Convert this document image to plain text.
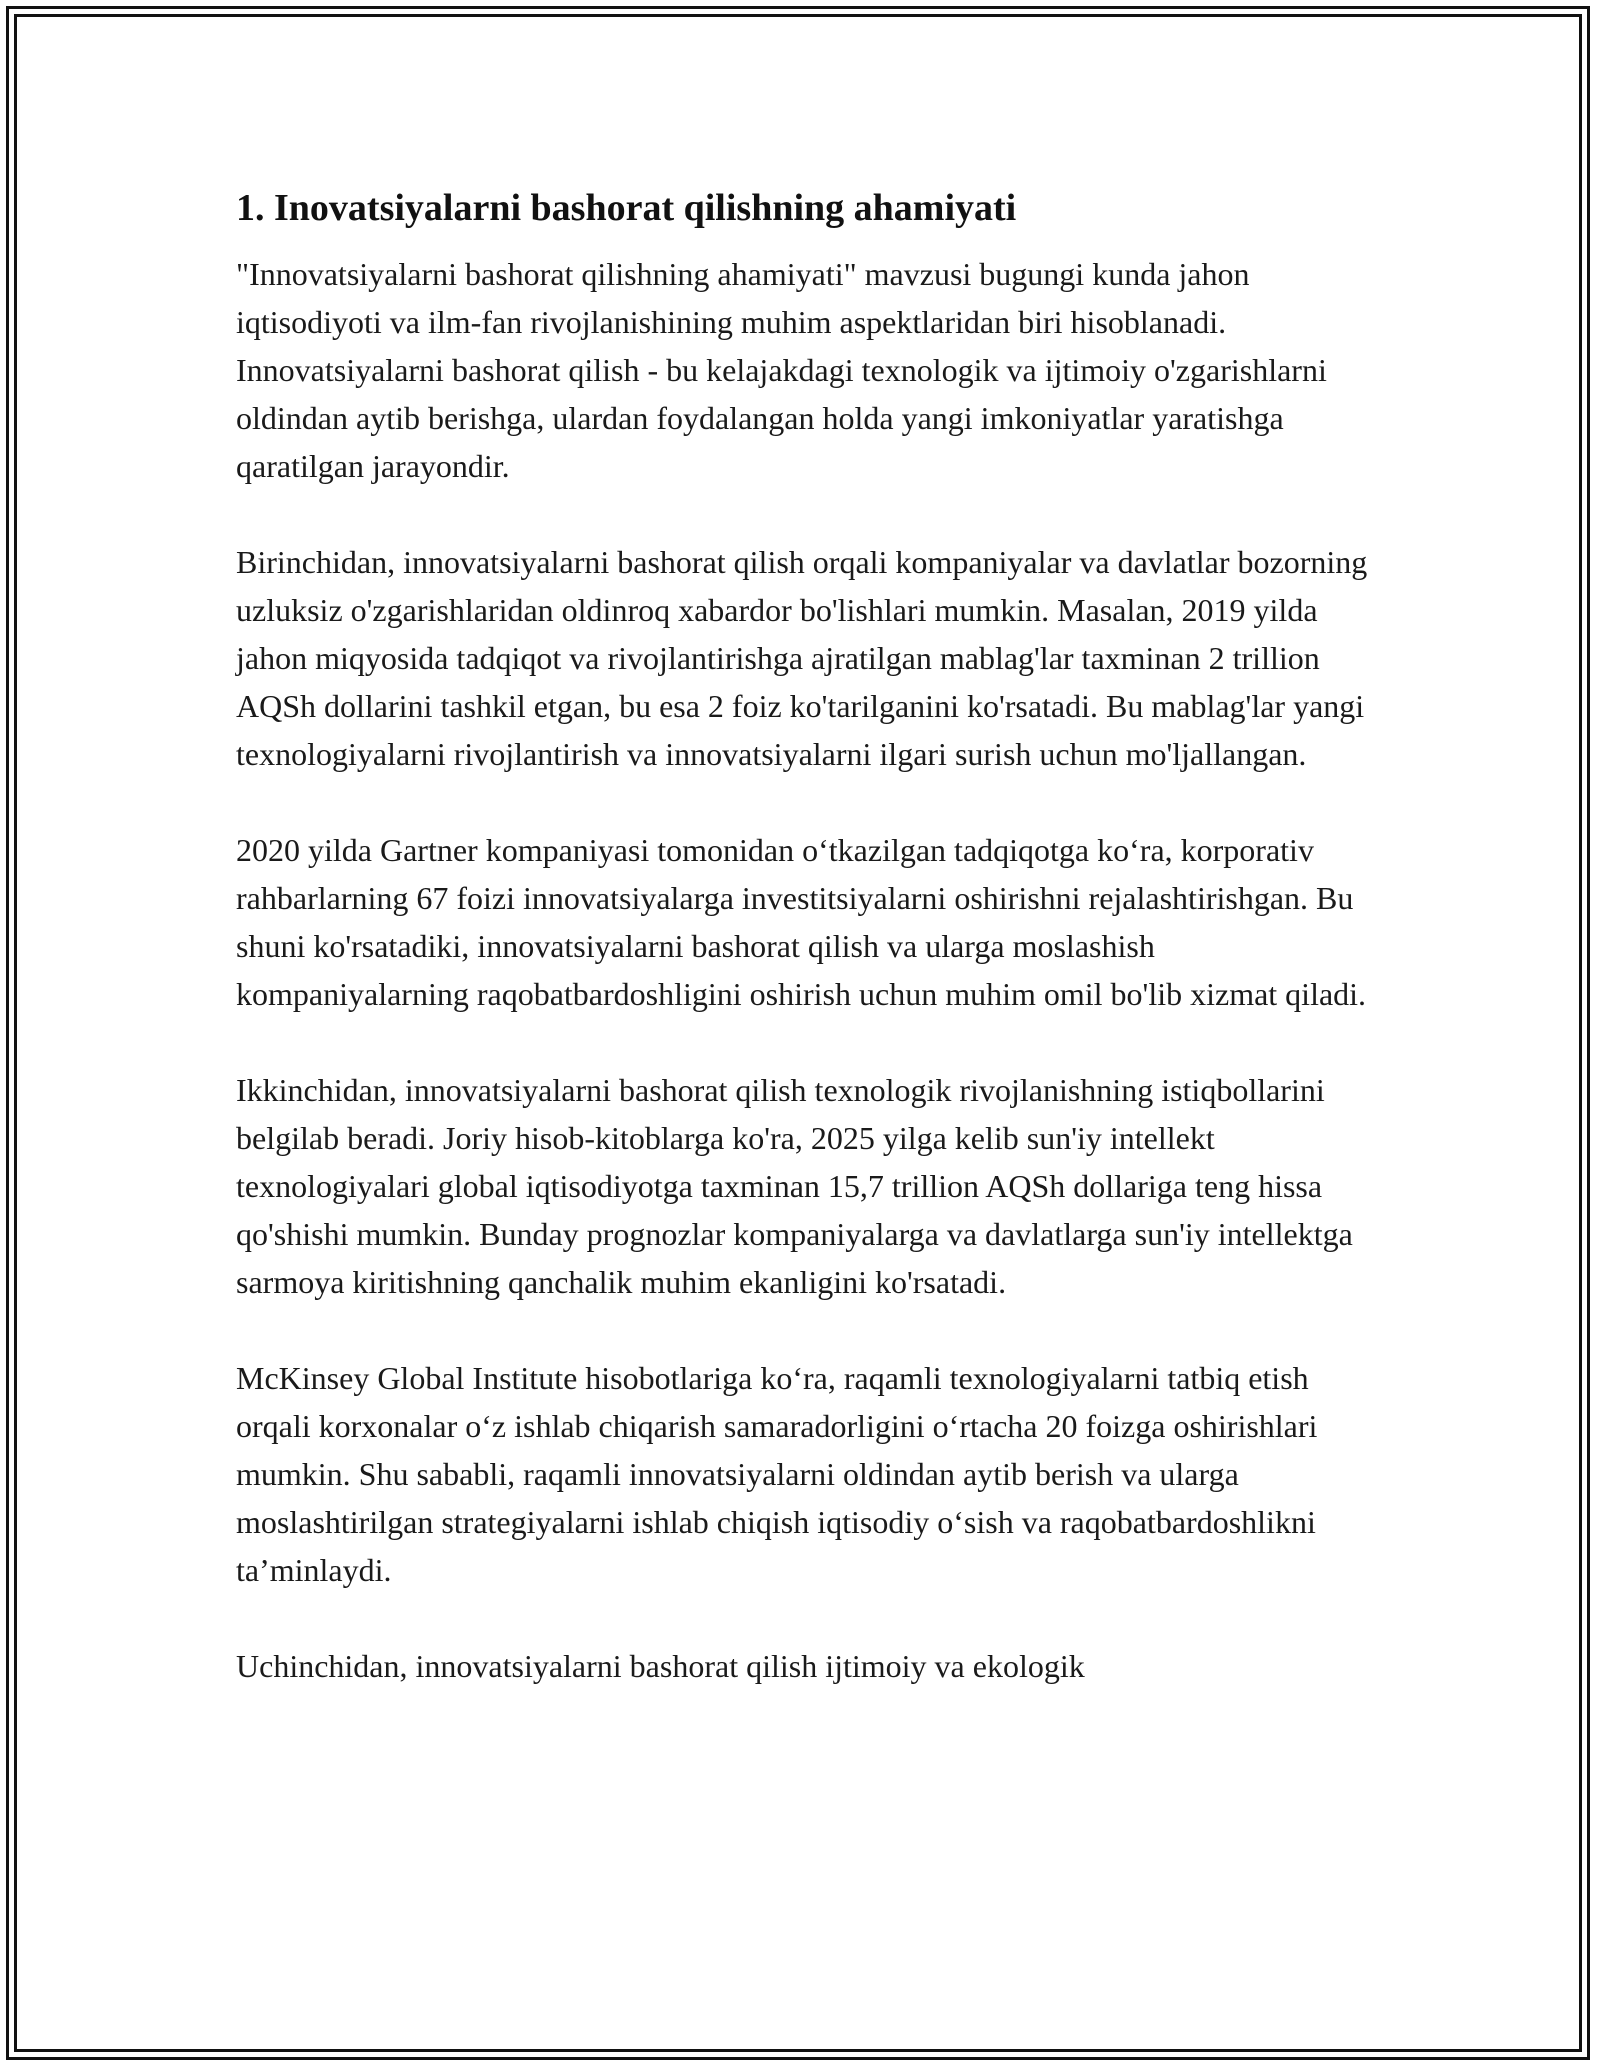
1. Inovatsiyalarni bashorat qilishning ahamiyati

"Innovatsiyalarni bashorat qilishning ahamiyati" mavzusi bugungi kunda jahon iqtisodiyoti va ilm-fan rivojlanishining muhim aspektlaridan biri hisoblanadi. Innovatsiyalarni bashorat qilish - bu kelajakdagi texnologik va ijtimoiy o'zgarishlarni oldindan aytib berishga, ulardan foydalangan holda yangi imkoniyatlar yaratishga qaratilgan jarayondir.

Birinchidan, innovatsiyalarni bashorat qilish orqali kompaniyalar va davlatlar bozorning uzluksiz o'zgarishlaridan oldinroq xabardor bo'lishlari mumkin. Masalan, 2019 yilda jahon miqyosida tadqiqot va rivojlantirishga ajratilgan mablag'lar taxminan 2 trillion AQSh dollarini tashkil etgan, bu esa 2 foiz ko'tarilganini ko'rsatadi. Bu mablag'lar yangi texnologiyalarni rivojlantirish va innovatsiyalarni ilgari surish uchun mo'ljallangan.

2020 yilda Gartner kompaniyasi tomonidan o‘tkazilgan tadqiqotga ko‘ra, korporativ rahbarlarning 67 foizi innovatsiyalarga investitsiyalarni oshirishni rejalashtirishgan. Bu shuni ko'rsatadiki, innovatsiyalarni bashorat qilish va ularga moslashish kompaniyalarning raqobatbardoshligini oshirish uchun muhim omil bo'lib xizmat qiladi.

Ikkinchidan, innovatsiyalarni bashorat qilish texnologik rivojlanishning istiqbollarini belgilab beradi. Joriy hisob-kitoblarga ko'ra, 2025 yilga kelib sun'iy intellekt texnologiyalari global iqtisodiyotga taxminan 15,7 trillion AQSh dollariga teng hissa qo'shishi mumkin. Bunday prognozlar kompaniyalarga va davlatlarga sun'iy intellektga sarmoya kiritishning qanchalik muhim ekanligini ko'rsatadi.

McKinsey Global Institute hisobotlariga ko‘ra, raqamli texnologiyalarni tatbiq etish orqali korxonalar o‘z ishlab chiqarish samaradorligini o‘rtacha 20 foizga oshirishlari mumkin. Shu sababli, raqamli innovatsiyalarni oldindan aytib berish va ularga moslashtirilgan strategiyalarni ishlab chiqish iqtisodiy o‘sish va raqobatbardoshlikni ta’minlaydi.

Uchinchidan, innovatsiyalarni bashorat qilish ijtimoiy va ekologik
